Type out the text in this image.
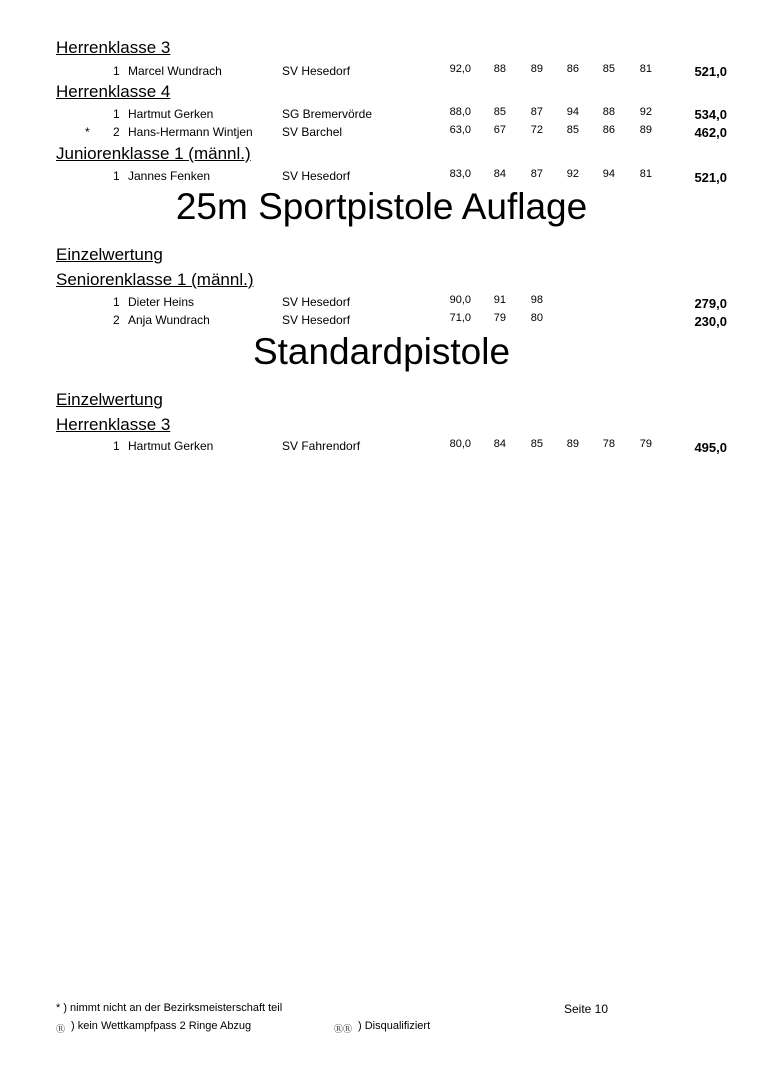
Herrenklasse 3
1 Marcel Wundrach	SV Hesedorf	92,0	88	89	86	85	81	521,0
Herrenklasse 4
1 Hartmut Gerken	SG Bremervörde	88,0	85	87	94	88	92	534,0
* 2 Hans-Hermann Wintjen SV Barchel	63,0	67	72	85	86	89	462,0
Juniorenklasse 1 (männl.)
1 Jannes Fenken	SV Hesedorf	83,0	84	87	92	94	81	521,0
25m Sportpistole Auflage
Einzelwertung
Seniorenklasse 1 (männl.)
1 Dieter Heins	SV Hesedorf	90,0	91	98	279,0
2 Anja Wundrach	SV Hesedorf	71,0	79	80	230,0
Standardpistole
Einzelwertung
Herrenklasse 3
1 Hartmut Gerken	SV Fahrendorf	80,0	84	85	89	78	79	495,0
* ) nimmt nicht an der Bezirksmeisterschaft teil	Seite 10
Ⓡ ) kein Wettkampfpass 2 Ringe Abzug	ⓇⓇ ) Disqualifiziert
